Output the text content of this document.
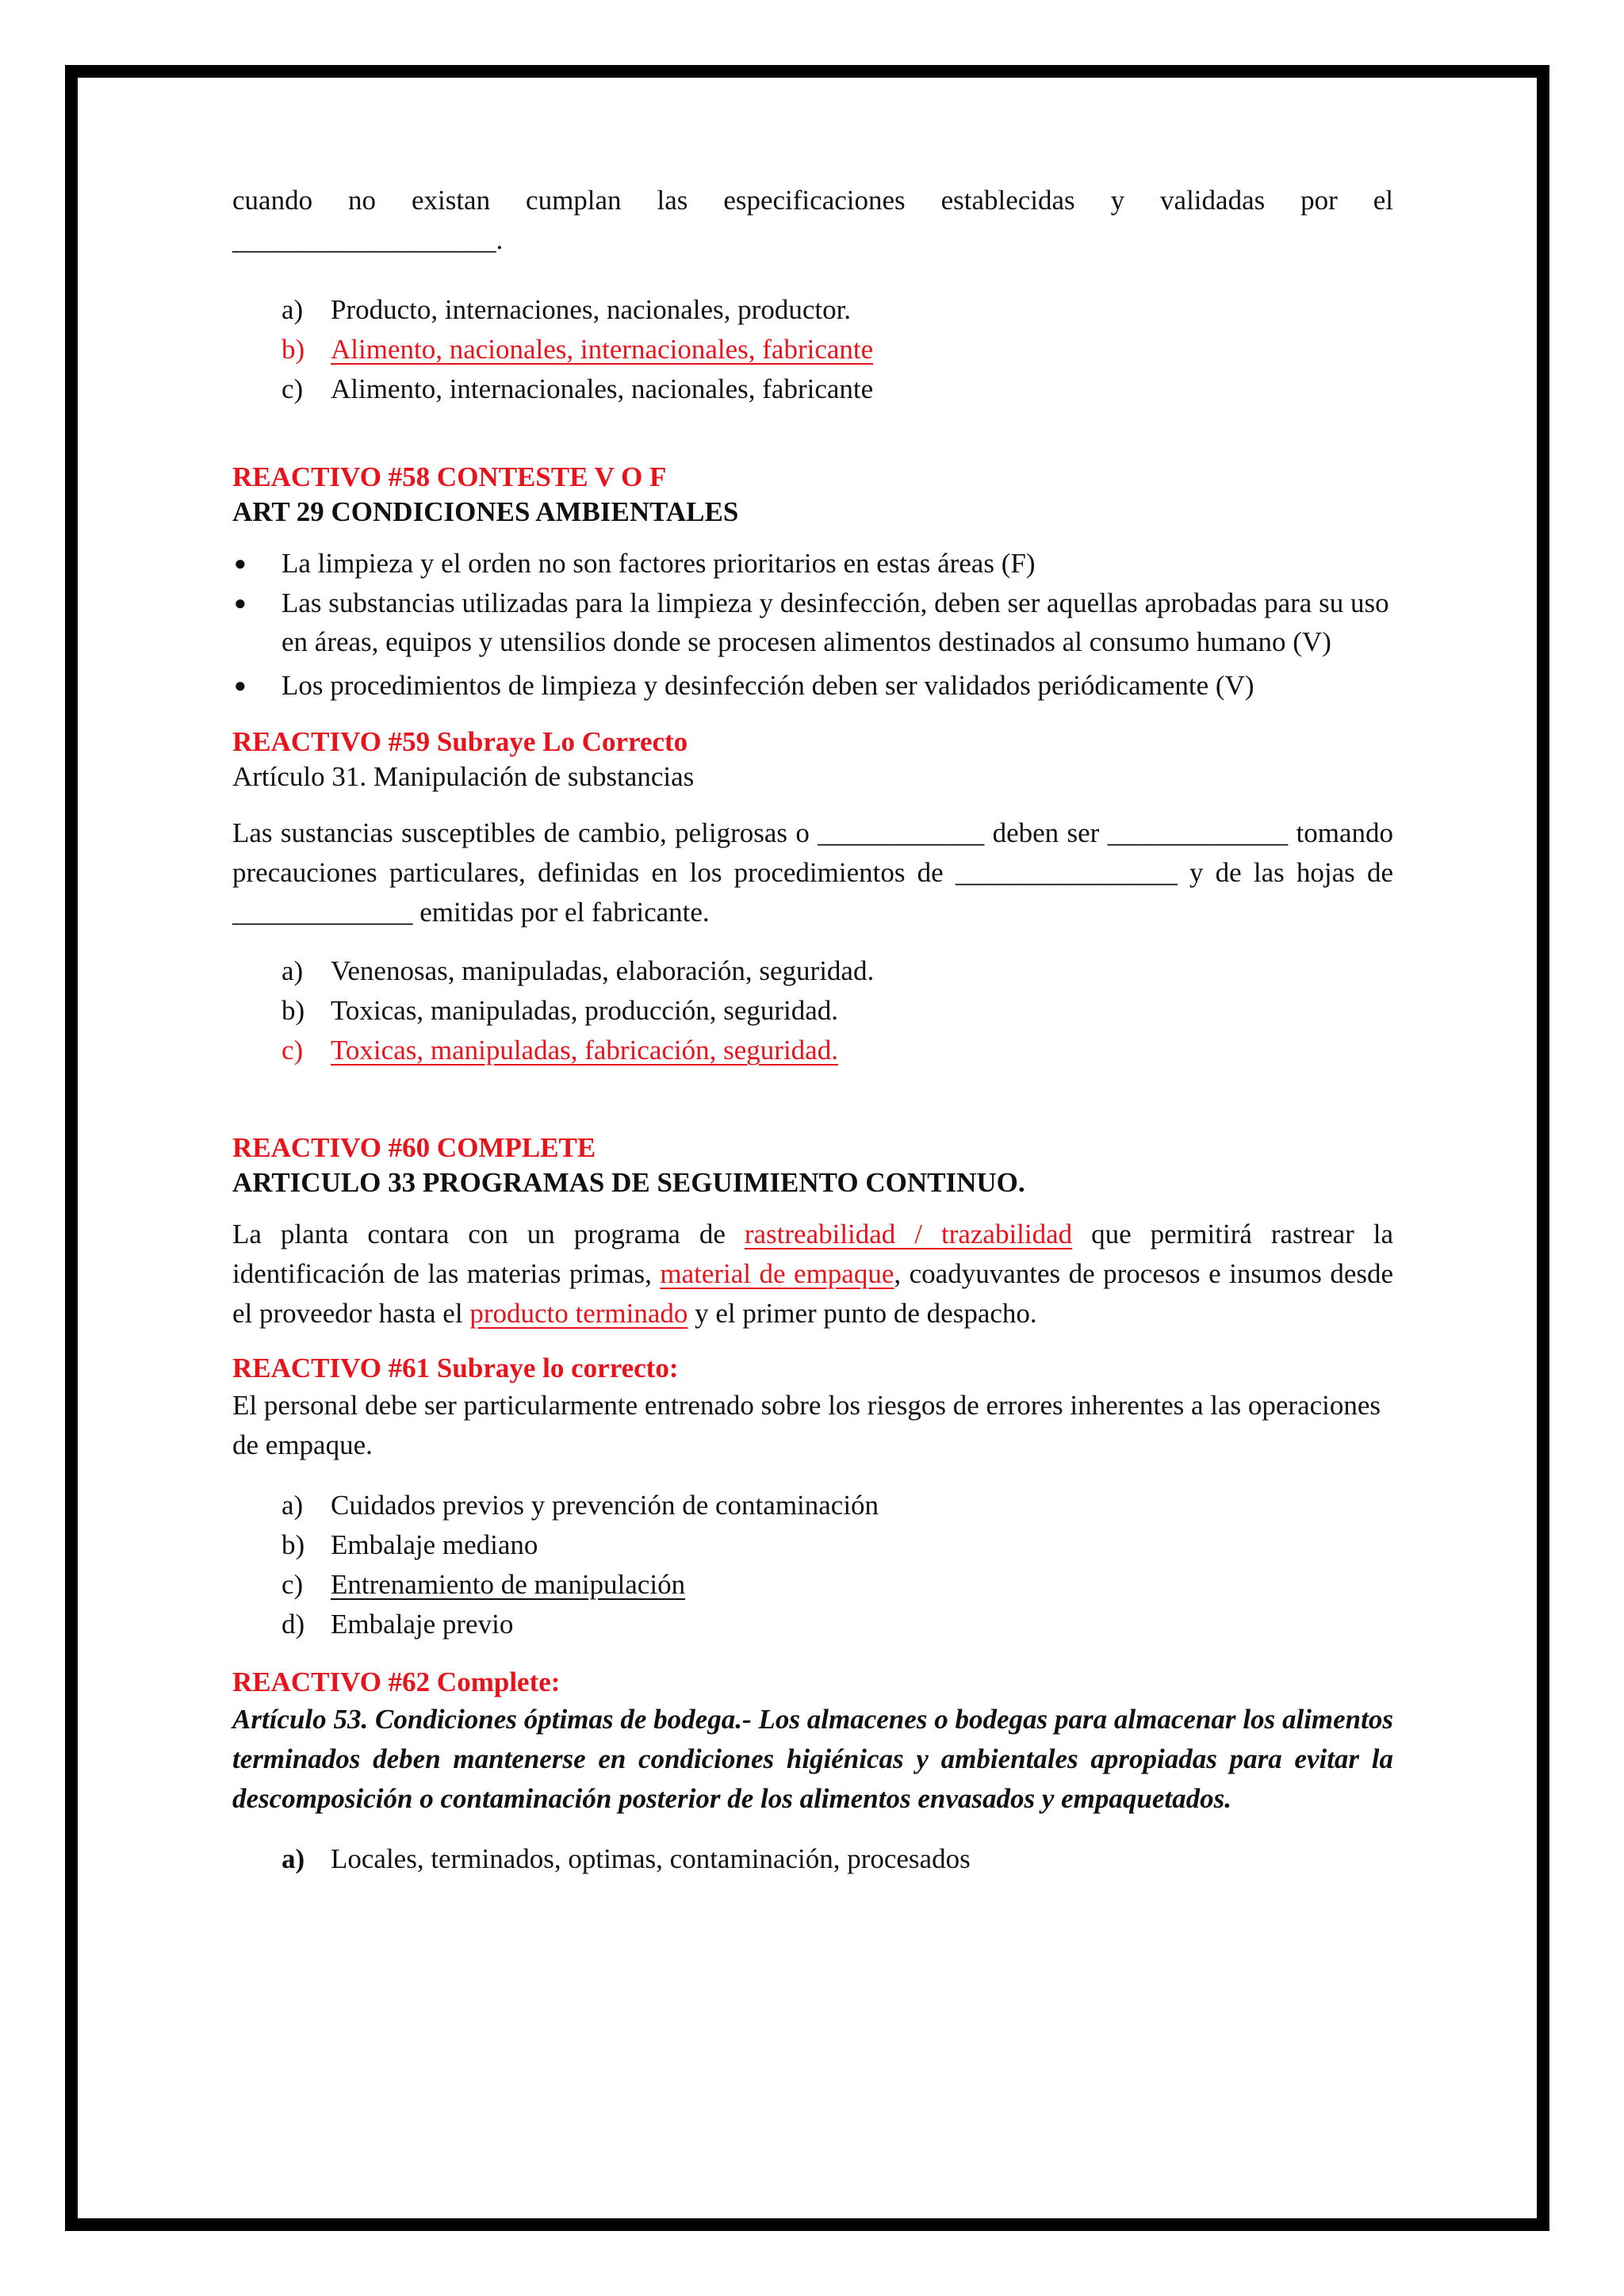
cuando no existan cumplan las especificaciones establecidas y validadas por el

___________________.

a) Producto, internaciones, nacionales, productor.
b) Alimento, nacionales, internacionales, fabricante
c) Alimento, internacionales, nacionales, fabricante

REACTIVO #58 CONTESTE V O F

ART 29 CONDICIONES AMBIENTALES

●	La limpieza y el orden no son factores prioritarios en estas áreas (F)
●	Las substancias utilizadas para la limpieza y desinfección, deben ser aquellas aprobadas para su uso en áreas, equipos y utensilios donde se procesen alimentos destinados al consumo humano (V)
●	Los procedimientos de limpieza y desinfección deben ser validados periódicamente (V)

REACTIVO #59 Subraye Lo Correcto

Artículo 31. Manipulación de substancias

Las sustancias susceptibles de cambio, peligrosas o ____________ deben ser _____________ tomando precauciones particulares, definidas en los procedimientos de ________________ y de las hojas de _____________ emitidas por el fabricante.

a) Venenosas, manipuladas, elaboración, seguridad.
b) Toxicas, manipuladas, producción, seguridad.
c) Toxicas, manipuladas, fabricación, seguridad.

REACTIVO #60 COMPLETE

ARTICULO 33 PROGRAMAS DE SEGUIMIENTO CONTINUO.

La planta contara con un programa de rastreabilidad / trazabilidad que permitirá rastrear la identificación de las materias primas, material de empaque, coadyuvantes de procesos e insumos desde el proveedor hasta el producto terminado y el primer punto de despacho.

REACTIVO #61 Subraye lo correcto:

El personal debe ser particularmente entrenado sobre los riesgos de errores inherentes a las operaciones de empaque.

a) Cuidados previos y prevención de contaminación
b) Embalaje mediano
c) Entrenamiento de manipulación
d) Embalaje previo

REACTIVO #62 Complete:

Artículo 53. Condiciones óptimas de bodega.- Los almacenes o bodegas para almacenar los alimentos terminados deben mantenerse en condiciones higiénicas y ambientales apropiadas para evitar la descomposición o contaminación posterior de los alimentos envasados y empaquetados.

a) Locales, terminados, optimas, contaminación, procesados
